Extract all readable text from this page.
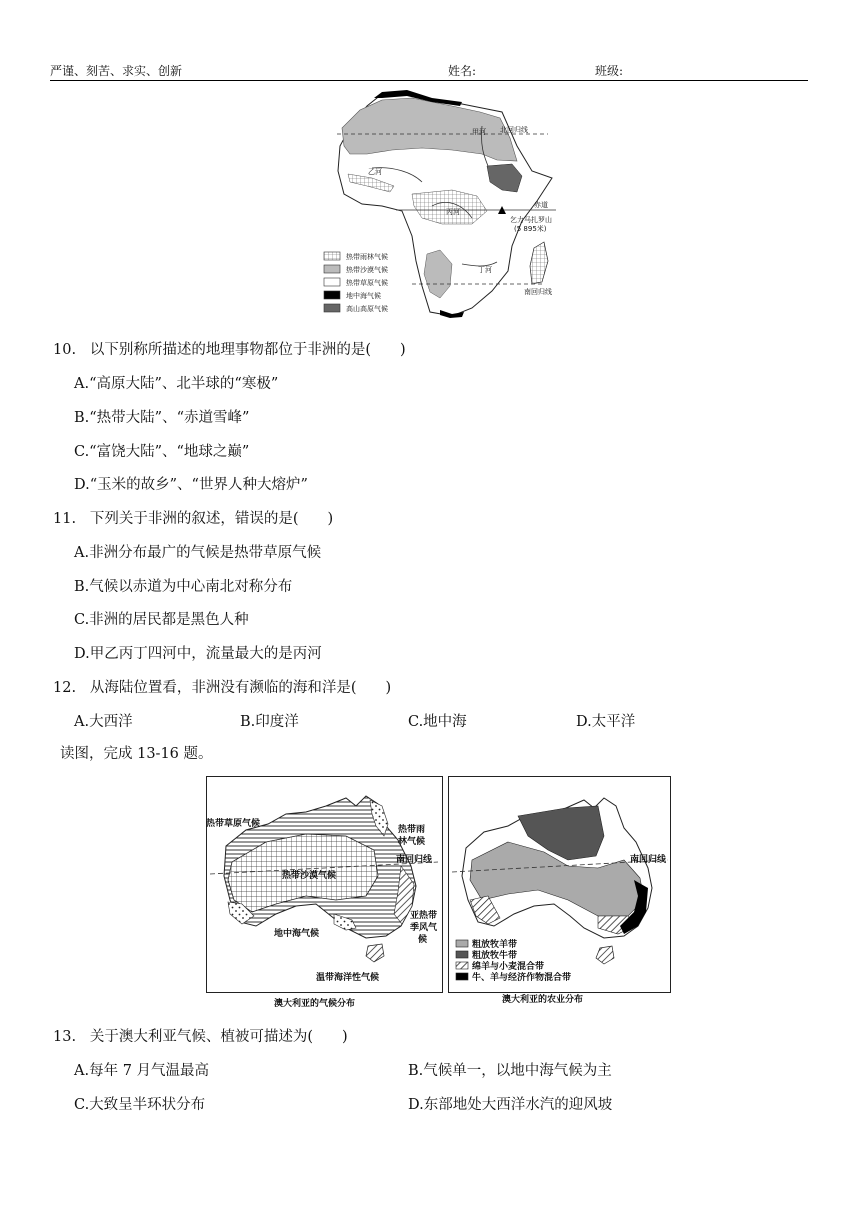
严谨、刻苦、求实、创新	姓名:	班级:
甲河 北回归线
乙河
丙河
赤道
乞力马扎罗山
(5 895米)
丁河
南回归线
热带雨林气候
热带沙漠气候
热带草原气候
地中海气候
高山高原气候
10. 以下别称所描述的地理事物都位于非洲的是(　　)
A.“高原大陆”、北半球的“寒极”
B.“热带大陆”、“赤道雪峰”
C.“富饶大陆”、“地球之巅”
D.“玉米的故乡”、“世界人种大熔炉”
11. 下列关于非洲的叙述，错误的是(　　)
A.非洲分布最广的气候是热带草原气候
B.气候以赤道为中心南北对称分布
C.非洲的居民都是黑色人种
D.甲乙丙丁四河中，流量最大的是丙河
12. 从海陆位置看，非洲没有濒临的海和洋是(　　)
A.大西洋	B.印度洋	C.地中海	D.太平洋
读图，完成 13-16 题。
热带草原气候
热带雨
林气候
南回归线
热带沙漠气候
亚热带
季风气
候
地中海气候
温带海洋性气候
澳大利亚的气候分布
南回归线
粗放牧羊带
粗放牧牛带
绵羊与小麦混合带
牛、羊与经济作物混合带
澳大利亚的农业分布
13. 关于澳大利亚气候、植被可描述为(　　)
A.每年 7 月气温最高	B.气候单一，以地中海气候为主
C.大致呈半环状分布	D.东部地处大西洋水汽的迎风坡
